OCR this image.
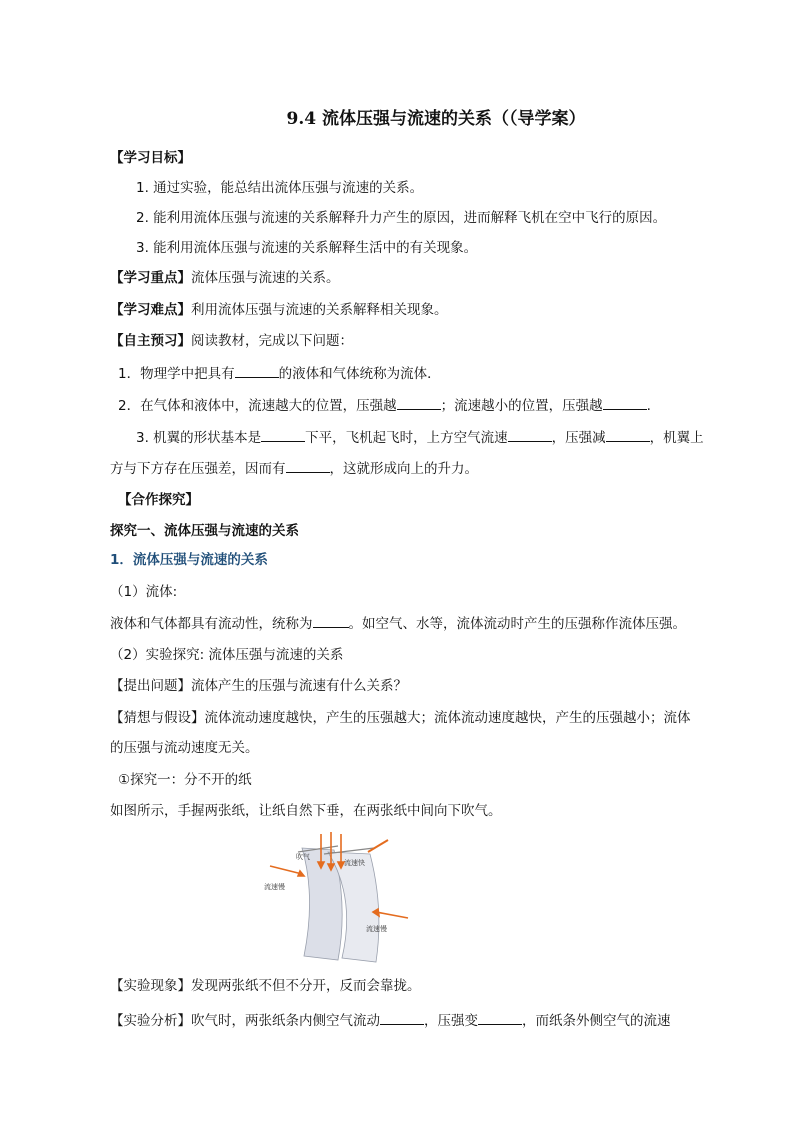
9.4 流体压强与流速的关系（（导学案）
【学习目标】
1. 通过实验，能总结出流体压强与流速的关系。
2. 能利用流体压强与流速的关系解释升力产生的原因，进而解释飞机在空中飞行的原因。
3. 能利用流体压强与流速的关系解释生活中的有关现象。
【学习重点】流体压强与流速的关系。
【学习难点】利用流体压强与流速的关系解释相关现象。
【自主预习】阅读教材，完成以下问题：
1．物理学中把具有	的液体和气体统称为流体．
2．在气体和液体中，流速越大的位置，压强越	；流速越小的位置，压强越	.
3. 机翼的形状基本是	下平，飞机起飞时，上方空气流速	，压强减	，机翼上
方与下方存在压强差，因而有	，这就形成向上的升力。
【合作探究】
探究一、流体压强与流速的关系
1．流体压强与流速的关系
（1）流体:
液体和气体都具有流动性，统称为	。如空气、水等，流体流动时产生的压强称作流体压强。
（2）实验探究: 流体压强与流速的关系
【提出问题】流体产生的压强与流速有什么关系？
【猜想与假设】流体流动速度越快，产生的压强越大；流体流动速度越快，产生的压强越小；流体
的压强与流动速度无关。
①探究一：分不开的纸
如图所示，手握两张纸，让纸自然下垂，在两张纸中间向下吹气。
吹气
流速快
流速慢
流速慢
【实验现象】发现两张纸不但不分开，反而会靠拢。
【实验分析】吹气时，两张纸条内侧空气流动	，压强变	，而纸条外侧空气的流速
